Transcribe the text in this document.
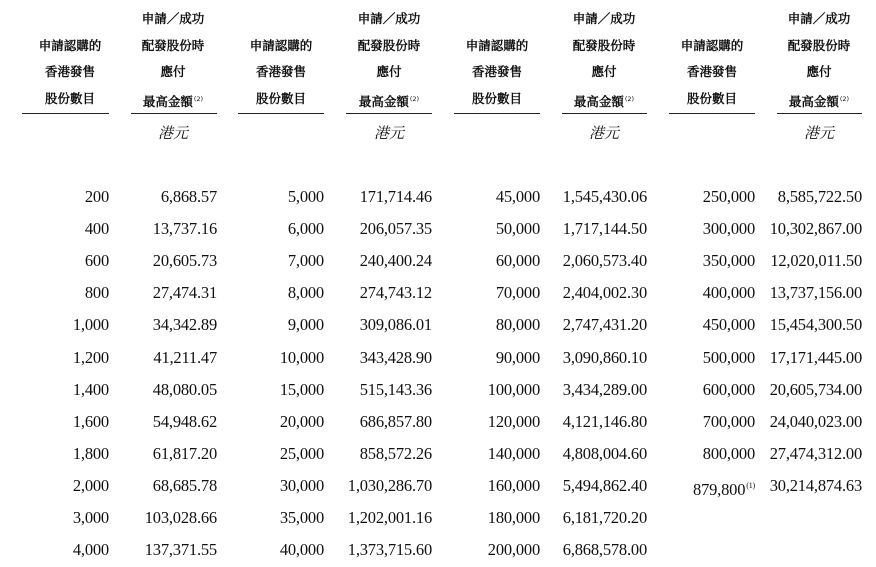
申請認購的
香港發售
股份數目
申請／成功
配發股份時
應付
最高金額$^{(2)}$
港元
200	6,868.57
400	13,737.16
600	20,605.73
800	27,474.31
1,000	34,342.89
1,200	41,211.47
1,400	48,080.05
1,600	54,948.62
1,800	61,817.20
2,000	68,685.78
3,000 103,028.66
4,000 137,371.55

申請認購的
香港發售
股份數目
申請／成功
配發股份時
應付
最高金額$^{(2)}$
港元
5,000 171,714.46
6,000 206,057.35
7,000 240,400.24
8,000 274,743.12
9,000 309,086.01
10,000 343,428.90
15,000 515,143.36
20,000 686,857.80
25,000 858,572.26
30,000 1,030,286.70
35,000 1,202,001.16
40,000 1,373,715.60

申請認購的
香港發售
股份數目
申請／成功
配發股份時
應付
最高金額$^{(2)}$
港元
45,000 1,545,430.06
50,000 1,717,144.50
60,000 2,060,573.40
70,000 2,404,002.30
80,000 2,747,431.20
90,000 3,090,860.10
100,000 3,434,289.00
120,000 4,121,146.80
140,000 4,808,004.60
160,000 5,494,862.40
180,000 6,181,720.20
200,000 6,868,578.00

申請認購的
香港發售
股份數目
申請／成功
配發股份時
應付
最高金額$^{(2)}$
港元
250,000 8,585,722.50
300,000 10,302,867.00
350,000 12,020,011.50
400,000 13,737,156.00
450,000 15,454,300.50
500,000 17,171,445.00
600,000 20,605,734.00
700,000 24,040,023.00
800,000 27,474,312.00
879,800$^{(1)}$ 30,214,874.63
